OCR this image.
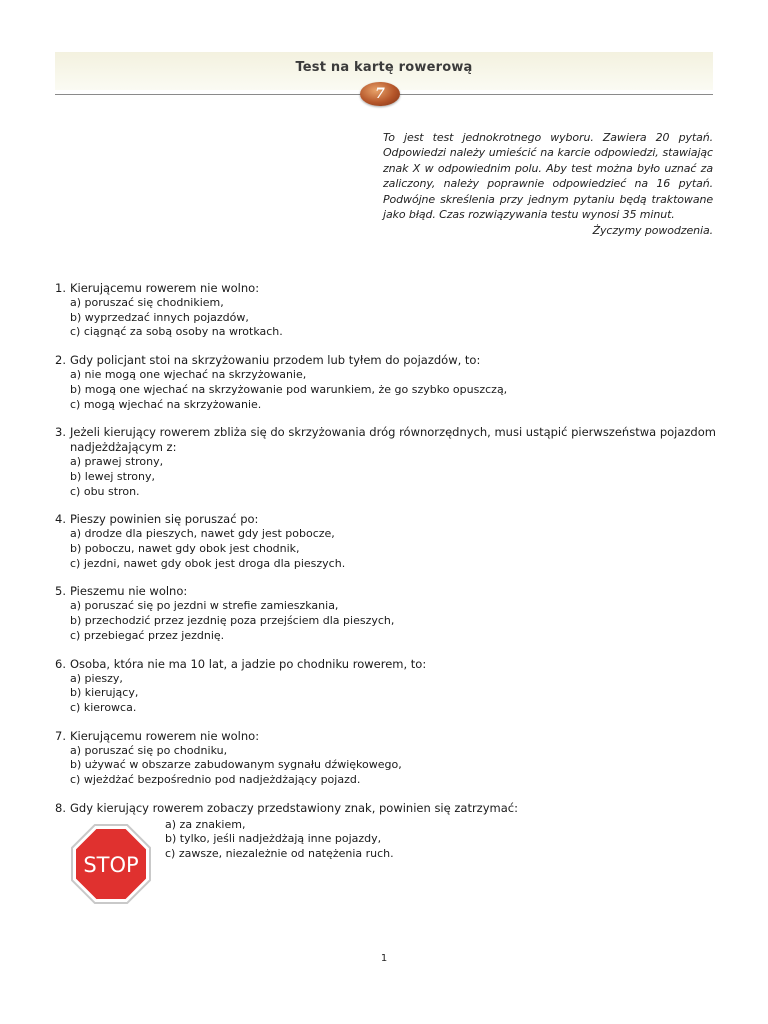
Test na kartę rowerową
7
To jest test jednokrotnego wyboru. Zawiera 20 pytań. Odpowiedzi należy umieścić na karcie odpowiedzi, stawiając znak X w odpowiednim polu. Aby test można było uznać za zaliczony, należy poprawnie odpowiedzieć na 16 pytań. Podwójne skreślenia przy jednym pytaniu będą traktowane jako błąd. Czas rozwiązywania testu wynosi 35 minut.
Życzymy powodzenia.
1. Kierującemu rowerem nie wolno:
a) poruszać się chodnikiem,
b) wyprzedzać innych pojazdów,
c) ciągnąć za sobą osoby na wrotkach.
2. Gdy policjant stoi na skrzyżowaniu przodem lub tyłem do pojazdów, to:
a) nie mogą one wjechać na skrzyżowanie,
b) mogą one wjechać na skrzyżowanie pod warunkiem, że go szybko opuszczą,
c) mogą wjechać na skrzyżowanie.
3. Jeżeli kierujący rowerem zbliża się do skrzyżowania dróg równorzędnych, musi ustąpić pierwszeństwa pojazdom nadjeżdżającym z:
a) prawej strony,
b) lewej strony,
c) obu stron.
4. Pieszy powinien się poruszać po:
a) drodze dla pieszych, nawet gdy jest pobocze,
b) poboczu, nawet gdy obok jest chodnik,
c) jezdni, nawet gdy obok jest droga dla pieszych.
5. Pieszemu nie wolno:
a) poruszać się po jezdni w strefie zamieszkania,
b) przechodzić przez jezdnię poza przejściem dla pieszych,
c) przebiegać przez jezdnię.
6. Osoba, która nie ma 10 lat, a jadzie po chodniku rowerem, to:
a) pieszy,
b) kierujący,
c) kierowca.
7. Kierującemu rowerem nie wolno:
a) poruszać się po chodniku,
b) używać w obszarze zabudowanym sygnału dźwiękowego,
c) wjeżdżać bezpośrednio pod nadjeżdżający pojazd.
8. Gdy kierujący rowerem zobaczy przedstawiony znak, powinien się zatrzymać:
STOP
a) za znakiem,
b) tylko, jeśli nadjeżdżają inne pojazdy,
c) zawsze, niezależnie od natężenia ruch.
1
